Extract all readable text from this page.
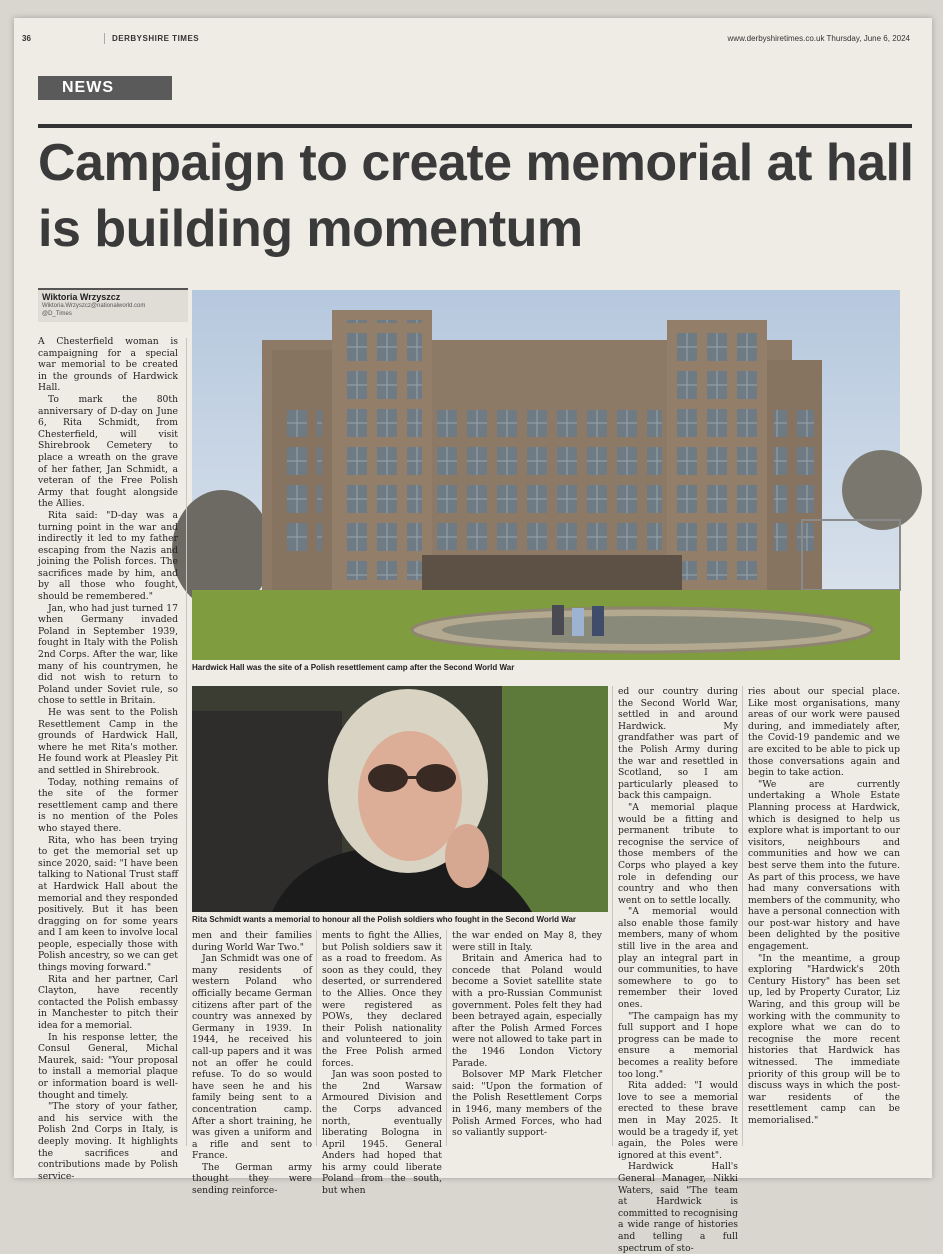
36	DERBYSHIRE TIMES	www.derbyshiretimes.co.uk Thursday, June 6, 2024
NEWS
Campaign to create memorial at hall is building momentum
Wiktoria Wrzyszcz
Wiktoria.Wrzyszcz@nationalworld.com
@D_Times
Hardwick Hall was the site of a Polish resettlement camp after the Second World War
Rita Schmidt wants a memorial to honour all the Polish soldiers who fought in the Second World War

A Chesterfield woman is campaigning for a special war memorial to be created in the grounds of Hardwick Hall.

To mark the 80th anniversary of D-day on June 6, Rita Schmidt, from Chesterfield, will visit Shirebrook Cemetery to place a wreath on the grave of her father, Jan Schmidt, a veteran of the Free Polish Army that fought alongside the Allies.

Rita said: "D-day was a turning point in the war and indirectly it led to my father escaping from the Nazis and joining the Polish forces. The sacrifices made by him, and by all those who fought, should be remembered."

Jan, who had just turned 17 when Germany invaded Poland in September 1939, fought in Italy with the Polish 2nd Corps. After the war, like many of his countrymen, he did not wish to return to Poland under Soviet rule, so chose to settle in Britain.

He was sent to the Polish Resettlement Camp in the grounds of Hardwick Hall, where he met Rita's mother. He found work at Pleasley Pit and settled in Shirebrook.

Today, nothing remains of the site of the former resettlement camp and there is no mention of the Poles who stayed there.

Rita, who has been trying to get the memorial set up since 2020, said: "I have been talking to National Trust staff at Hardwick Hall about the memorial and they responded positively. But it has been dragging on for some years and I am keen to involve local people, especially those with Polish ancestry, so we can get things moving forward."

Rita and her partner, Carl Clayton, have recently contacted the Polish embassy in Manchester to pitch their idea for a memorial.

In his response letter, the Consul General, Michal Maurek, said: "Your proposal to install a memorial plaque or information board is well-thought and timely.

"The story of your father, and his service with the Polish 2nd Corps in Italy, is deeply moving. It highlights the sacrifices and contributions made by Polish service-

men and their families during World War Two."

Jan Schmidt was one of many residents of western Poland who officially became German citizens after part of the country was annexed by Germany in 1939. In 1944, he received his call-up papers and it was not an offer he could refuse. To do so would have seen he and his family being sent to a concentration camp. After a short training, he was given a uniform and a rifle and sent to France.

The German army thought they were sending reinforce-

ments to fight the Allies, but Polish soldiers saw it as a road to freedom. As soon as they could, they deserted, or surrendered to the Allies. Once they were registered as POWs, they declared their Polish nationality and volunteered to join the Free Polish armed forces.

Jan was soon posted to the 2nd Warsaw Armoured Division and the Corps advanced north, eventually liberating Bologna in April 1945. General Anders had hoped that his army could liberate Poland from the south, but when

the war ended on May 8, they were still in Italy.

Britain and America had to concede that Poland would become a Soviet satellite state with a pro-Russian Communist government. Poles felt they had been betrayed again, especially after the Polish Armed Forces were not allowed to take part in the 1946 London Victory Parade.

Bolsover MP Mark Fletcher said: "Upon the formation of the Polish Resettlement Corps in 1946, many members of the Polish Armed Forces, who had so valiantly support-

ed our country during the Second World War, settled in and around Hardwick. My grandfather was part of the Polish Army during the war and resettled in Scotland, so I am particularly pleased to back this campaign.

"A memorial plaque would be a fitting and permanent tribute to recognise the service of those members of the Corps who played a key role in defending our country and who then went on to settle locally.

"A memorial would also enable those family members, many of whom still live in the area and play an integral part in our communities, to have somewhere to go to remember their loved ones.

"The campaign has my full support and I hope progress can be made to ensure a memorial becomes a reality before too long."

Rita added: "I would love to see a memorial erected to these brave men in May 2025. It would be a tragedy if, yet again, the Poles were ignored at this event".

Hardwick Hall's General Manager, Nikki Waters, said "The team at Hardwick is committed to recognising a wide range of histories and telling a full spectrum of sto-

ries about our special place. Like most organisations, many areas of our work were paused during, and immediately after, the Covid-19 pandemic and we are excited to be able to pick up those conversations again and begin to take action.

"We are currently undertaking a Whole Estate Planning process at Hardwick, which is designed to help us explore what is important to our visitors, neighbours and communities and how we can best serve them into the future. As part of this process, we have had many conversations with members of the community, who have a personal connection with our post-war history and have been delighted by the positive engagement.

"In the meantime, a group exploring "Hardwick's 20th Century History" has been set up, led by Property Curator, Liz Waring, and this group will be working with the community to explore what we can do to recognise the more recent histories that Hardwick has witnessed. The immediate priority of this group will be to discuss ways in which the post-war residents of the resettlement camp can be memorialised."
